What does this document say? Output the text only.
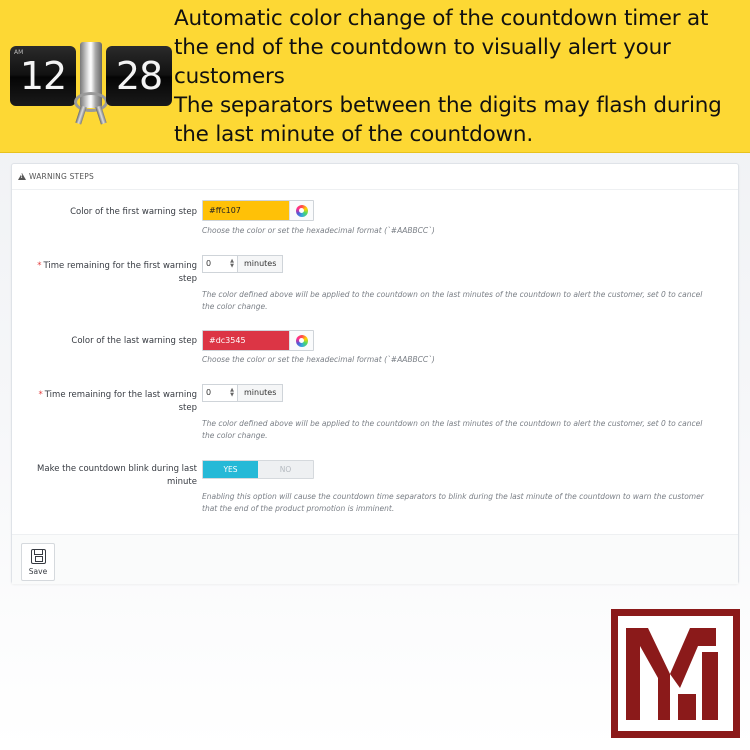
AM
12 28

Automatic color change of the countdown timer at

the end of the countdown to visually alert your

customers

The separators between the digits may flash during

the last minute of the countdown.

!
WARNING STEPS
Color of the first warning step	#ffc107
Choose the color or set the hexadecimal format (`#AABBCC`)
* Time remaining for the first warning
step
0	▲
▼	minutes
The color defined above will be applied to the countdown on the last minutes of the countdown to alert the customer, set 0 to cancel
the color change.
Color of the last warning step	#dc3545
Choose the color or set the hexadecimal format (`#AABBCC`)
* Time remaining for the last warning
step
0	▲
▼	minutes
The color defined above will be applied to the countdown on the last minutes of the countdown to alert the customer, set 0 to cancel
the color change.
Make the countdown blink during last
minute
YES	NO
Enabling this option will cause the countdown time separators to blink during the last minute of the countdown to warn the customer
that the end of the product promotion is imminent.
Save
